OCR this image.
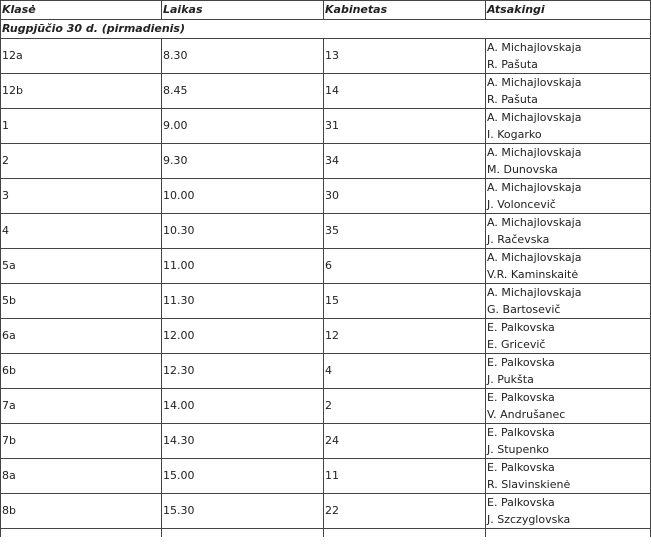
Klasė	Laikas	Kabinetas	Atsakingi
Rugpjūčio 30 d. (pirmadienis)			
12a	8.30	13	A. Michajlovskaja
R. Pašuta

12b	8.45	14	A. Michajlovskaja
R. Pašuta

1	9.00	31	A. Michajlovskaja
I. Kogarko

2	9.30	34	A. Michajlovskaja
M. Dunovska

3	10.00	30	A. Michajlovskaja
J. Voloncevič

4	10.30	35	A. Michajlovskaja
J. Račevska

5a	11.00	6	A. Michajlovskaja
V.R. Kaminskaitė

5b	11.30	15	A. Michajlovskaja
G. Bartosevič

6a	12.00	12	E. Palkovska
E. Gricevič

6b	12.30	4	E. Palkovska
J. Pukšta

7a	14.00	2	E. Palkovska
V. Andrušanec

7b	14.30	24	E. Palkovska
J. Stupenko

8a	15.00	11	E. Palkovska
R. Slavinskienė

8b	15.30	22	E. Palkovska
J. Szczyglovska
